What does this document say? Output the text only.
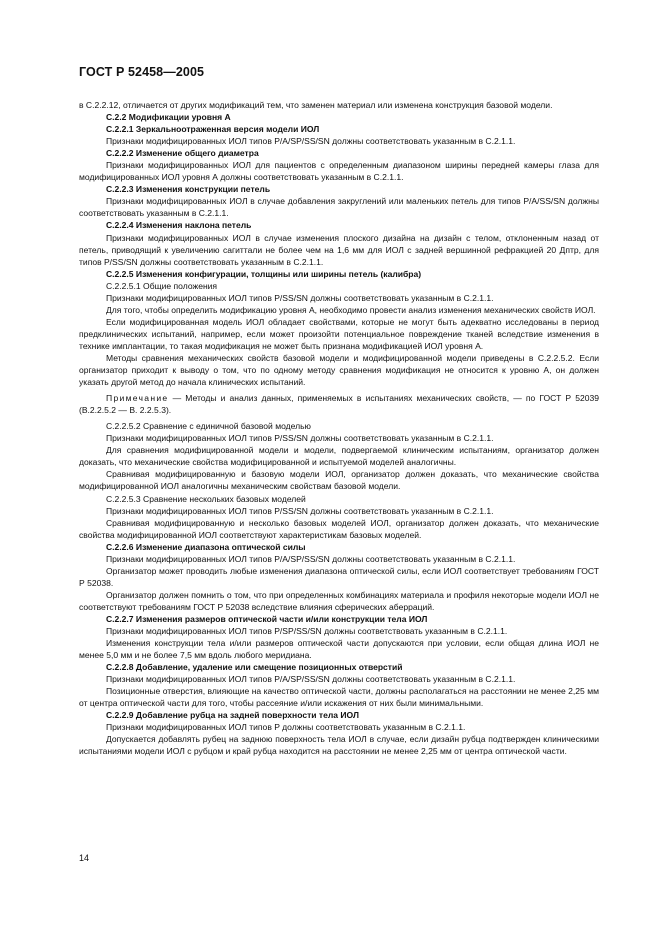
ГОСТ Р 52458—2005

в С.2.2.12, отличается от других модификаций тем, что заменен материал или изменена конструкция базовой модели.

С.2.2 Модификации уровня А

С.2.2.1 Зеркальноотраженная версия модели ИОЛ

Признаки модифицированных ИОЛ типов P/A/SP/SS/SN должны соответствовать указанным в С.2.1.1.

С.2.2.2 Изменение общего диаметра

Признаки модифицированных ИОЛ для пациентов с определенным диапазоном ширины передней камеры глаза для модифицированных ИОЛ уровня А должны соответствовать указанным в С.2.1.1.

С.2.2.3 Изменения конструкции петель

Признаки модифицированных ИОЛ в случае добавления закруглений или маленьких петель для типов P/A/SS/SN должны соответствовать указанным в С.2.1.1.

С.2.2.4 Изменения наклона петель

Признаки модифицированных ИОЛ в случае изменения плоского дизайна на дизайн с телом, отклоненным назад от петель, приводящий к увеличению сагиттали не более чем на 1,6 мм для ИОЛ с задней вершинной рефракцией 20 Дптр, для типов P/SS/SN должны соответствовать указанным в С.2.1.1.

С.2.2.5 Изменения конфигурации, толщины или ширины петель (калибра)

С.2.2.5.1 Общие положения

Признаки модифицированных ИОЛ типов P/SS/SN должны соответствовать указанным в С.2.1.1.

Для того, чтобы определить модификацию уровня А, необходимо провести анализ изменения механических свойств ИОЛ.

Если модифицированная модель ИОЛ обладает свойствами, которые не могут быть адекватно исследованы в период предклинических испытаний, например, если может произойти потенциальное повреждение тканей вследствие изменения в технике имплантации, то такая модификация не может быть признана модификацией ИОЛ уровня А.

Методы сравнения механических свойств базовой модели и модифицированной модели приведены в С.2.2.5.2. Если организатор приходит к выводу о том, что по одному методу сравнения модификация не относится к уровню А, он должен указать другой метод до начала клинических испытаний.

Примечание — Методы и анализ данных, применяемых в испытаниях механических свойств, — по ГОСТ Р 52039 (В.2.2.5.2 — В. 2.2.5.3).

С.2.2.5.2 Сравнение с единичной базовой моделью

Признаки модифицированных ИОЛ типов P/SS/SN должны соответствовать указанным в С.2.1.1.

Для сравнения модифицированной модели и модели, подвергаемой клиническим испытаниям, организатор должен доказать, что механические свойства модифицированной и испытуемой моделей аналогичны.

Сравнивая модифицированную и базовую модели ИОЛ, организатор должен доказать, что механические свойства модифицированной ИОЛ аналогичны механическим свойствам базовой модели.

С.2.2.5.3 Сравнение нескольких базовых моделей

Признаки модифицированных ИОЛ типов P/SS/SN должны соответствовать указанным в С.2.1.1.

Сравнивая модифицированную и несколько базовых моделей ИОЛ, организатор должен доказать, что механические свойства модифицированной ИОЛ соответствуют характеристикам базовых моделей.

С.2.2.6 Изменение диапазона оптической силы

Признаки модифицированных ИОЛ типов P/A/SP/SS/SN должны соответствовать указанным в С.2.1.1.

Организатор может проводить любые изменения диапазона оптической силы, если ИОЛ соответствует требованиям ГОСТ Р 52038.

Организатор должен помнить о том, что при определенных комбинациях материала и профиля некоторые модели ИОЛ не соответствуют требованиям ГОСТ Р 52038 вследствие влияния сферических аберраций.

С.2.2.7 Изменения размеров оптической части и/или конструкции тела ИОЛ

Признаки модифицированных ИОЛ типов P/SP/SS/SN должны соответствовать указанным в С.2.1.1.

Изменения конструкции тела и/или размеров оптической части допускаются при условии, если общая длина ИОЛ не менее 5,0 мм и не более 7,5 мм вдоль любого меридиана.

С.2.2.8 Добавление, удаление или смещение позиционных отверстий

Признаки модифицированных ИОЛ типов P/A/SP/SS/SN должны соответствовать указанным в С.2.1.1.

Позиционные отверстия, влияющие на качество оптической части, должны располагаться на расстоянии не менее 2,25 мм от центра оптической части для того, чтобы рассеяние и/или искажения от них были минимальными.

С.2.2.9 Добавление рубца на задней поверхности тела ИОЛ

Признаки модифицированных ИОЛ типов P должны соответствовать указанным в С.2.1.1.

Допускается добавлять рубец на заднюю поверхность тела ИОЛ в случае, если дизайн рубца подтвержден клиническими испытаниями модели ИОЛ с рубцом и край рубца находится на расстоянии не менее 2,25 мм от центра оптической части.

14
